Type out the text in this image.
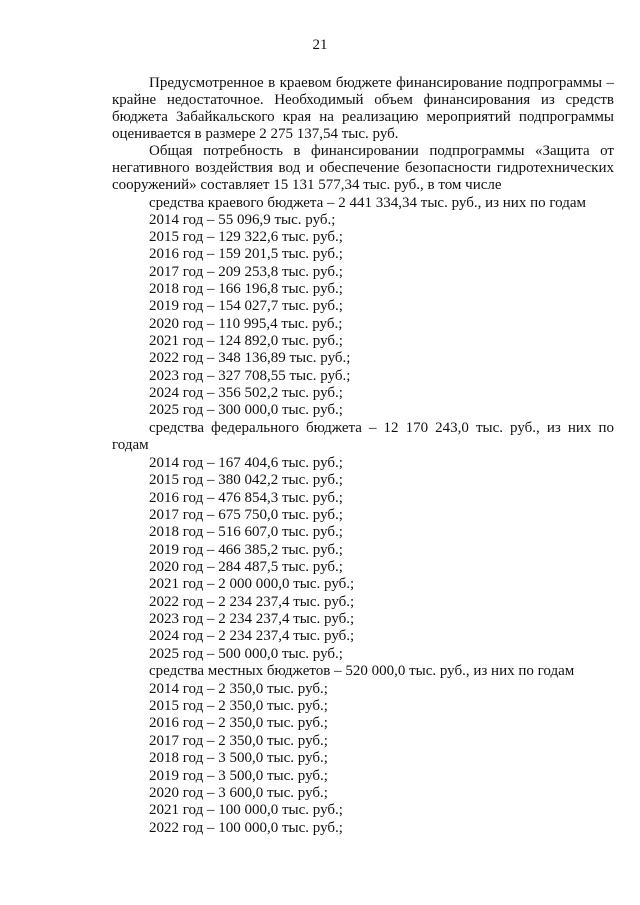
21
Предусмотренное в краевом бюджете финансирование подпрограммы –
крайне недостаточное. Необходимый объем финансирования из средств
бюджета Забайкальского края на реализацию мероприятий подпрограммы
оценивается в размере 2 275 137,54 тыс. руб.
Общая потребность в финансировании подпрограммы «Защита от
негативного воздействия вод и обеспечение безопасности гидротехнических
сооружений» составляет 15 131 577,34 тыс. руб., в том числе
средства краевого бюджета – 2 441 334,34 тыс. руб., из них по годам
2014 год – 55 096,9 тыс. руб.;
2015 год – 129 322,6 тыс. руб.;
2016 год – 159 201,5 тыс. руб.;
2017 год – 209 253,8 тыс. руб.;
2018 год – 166 196,8 тыс. руб.;
2019 год – 154 027,7 тыс. руб.;
2020 год – 110 995,4 тыс. руб.;
2021 год – 124 892,0 тыс. руб.;
2022 год – 348 136,89 тыс. руб.;
2023 год – 327 708,55 тыс. руб.;
2024 год – 356 502,2 тыс. руб.;
2025 год – 300 000,0 тыс. руб.;
средства федерального бюджета – 12 170 243,0 тыс. руб., из них по
годам
2014 год – 167 404,6 тыс. руб.;
2015 год – 380 042,2 тыс. руб.;
2016 год – 476 854,3 тыс. руб.;
2017 год – 675 750,0 тыс. руб.;
2018 год – 516 607,0 тыс. руб.;
2019 год – 466 385,2 тыс. руб.;
2020 год – 284 487,5 тыс. руб.;
2021 год – 2 000 000,0 тыс. руб.;
2022 год – 2 234 237,4 тыс. руб.;
2023 год – 2 234 237,4 тыс. руб.;
2024 год – 2 234 237,4 тыс. руб.;
2025 год – 500 000,0 тыс. руб.;
средства местных бюджетов – 520 000,0 тыс. руб., из них по годам
2014 год – 2 350,0 тыс. руб.;
2015 год – 2 350,0 тыс. руб.;
2016 год – 2 350,0 тыс. руб.;
2017 год – 2 350,0 тыс. руб.;
2018 год – 3 500,0 тыс. руб.;
2019 год – 3 500,0 тыс. руб.;
2020 год – 3 600,0 тыс. руб.;
2021 год – 100 000,0 тыс. руб.;
2022 год – 100 000,0 тыс. руб.;
